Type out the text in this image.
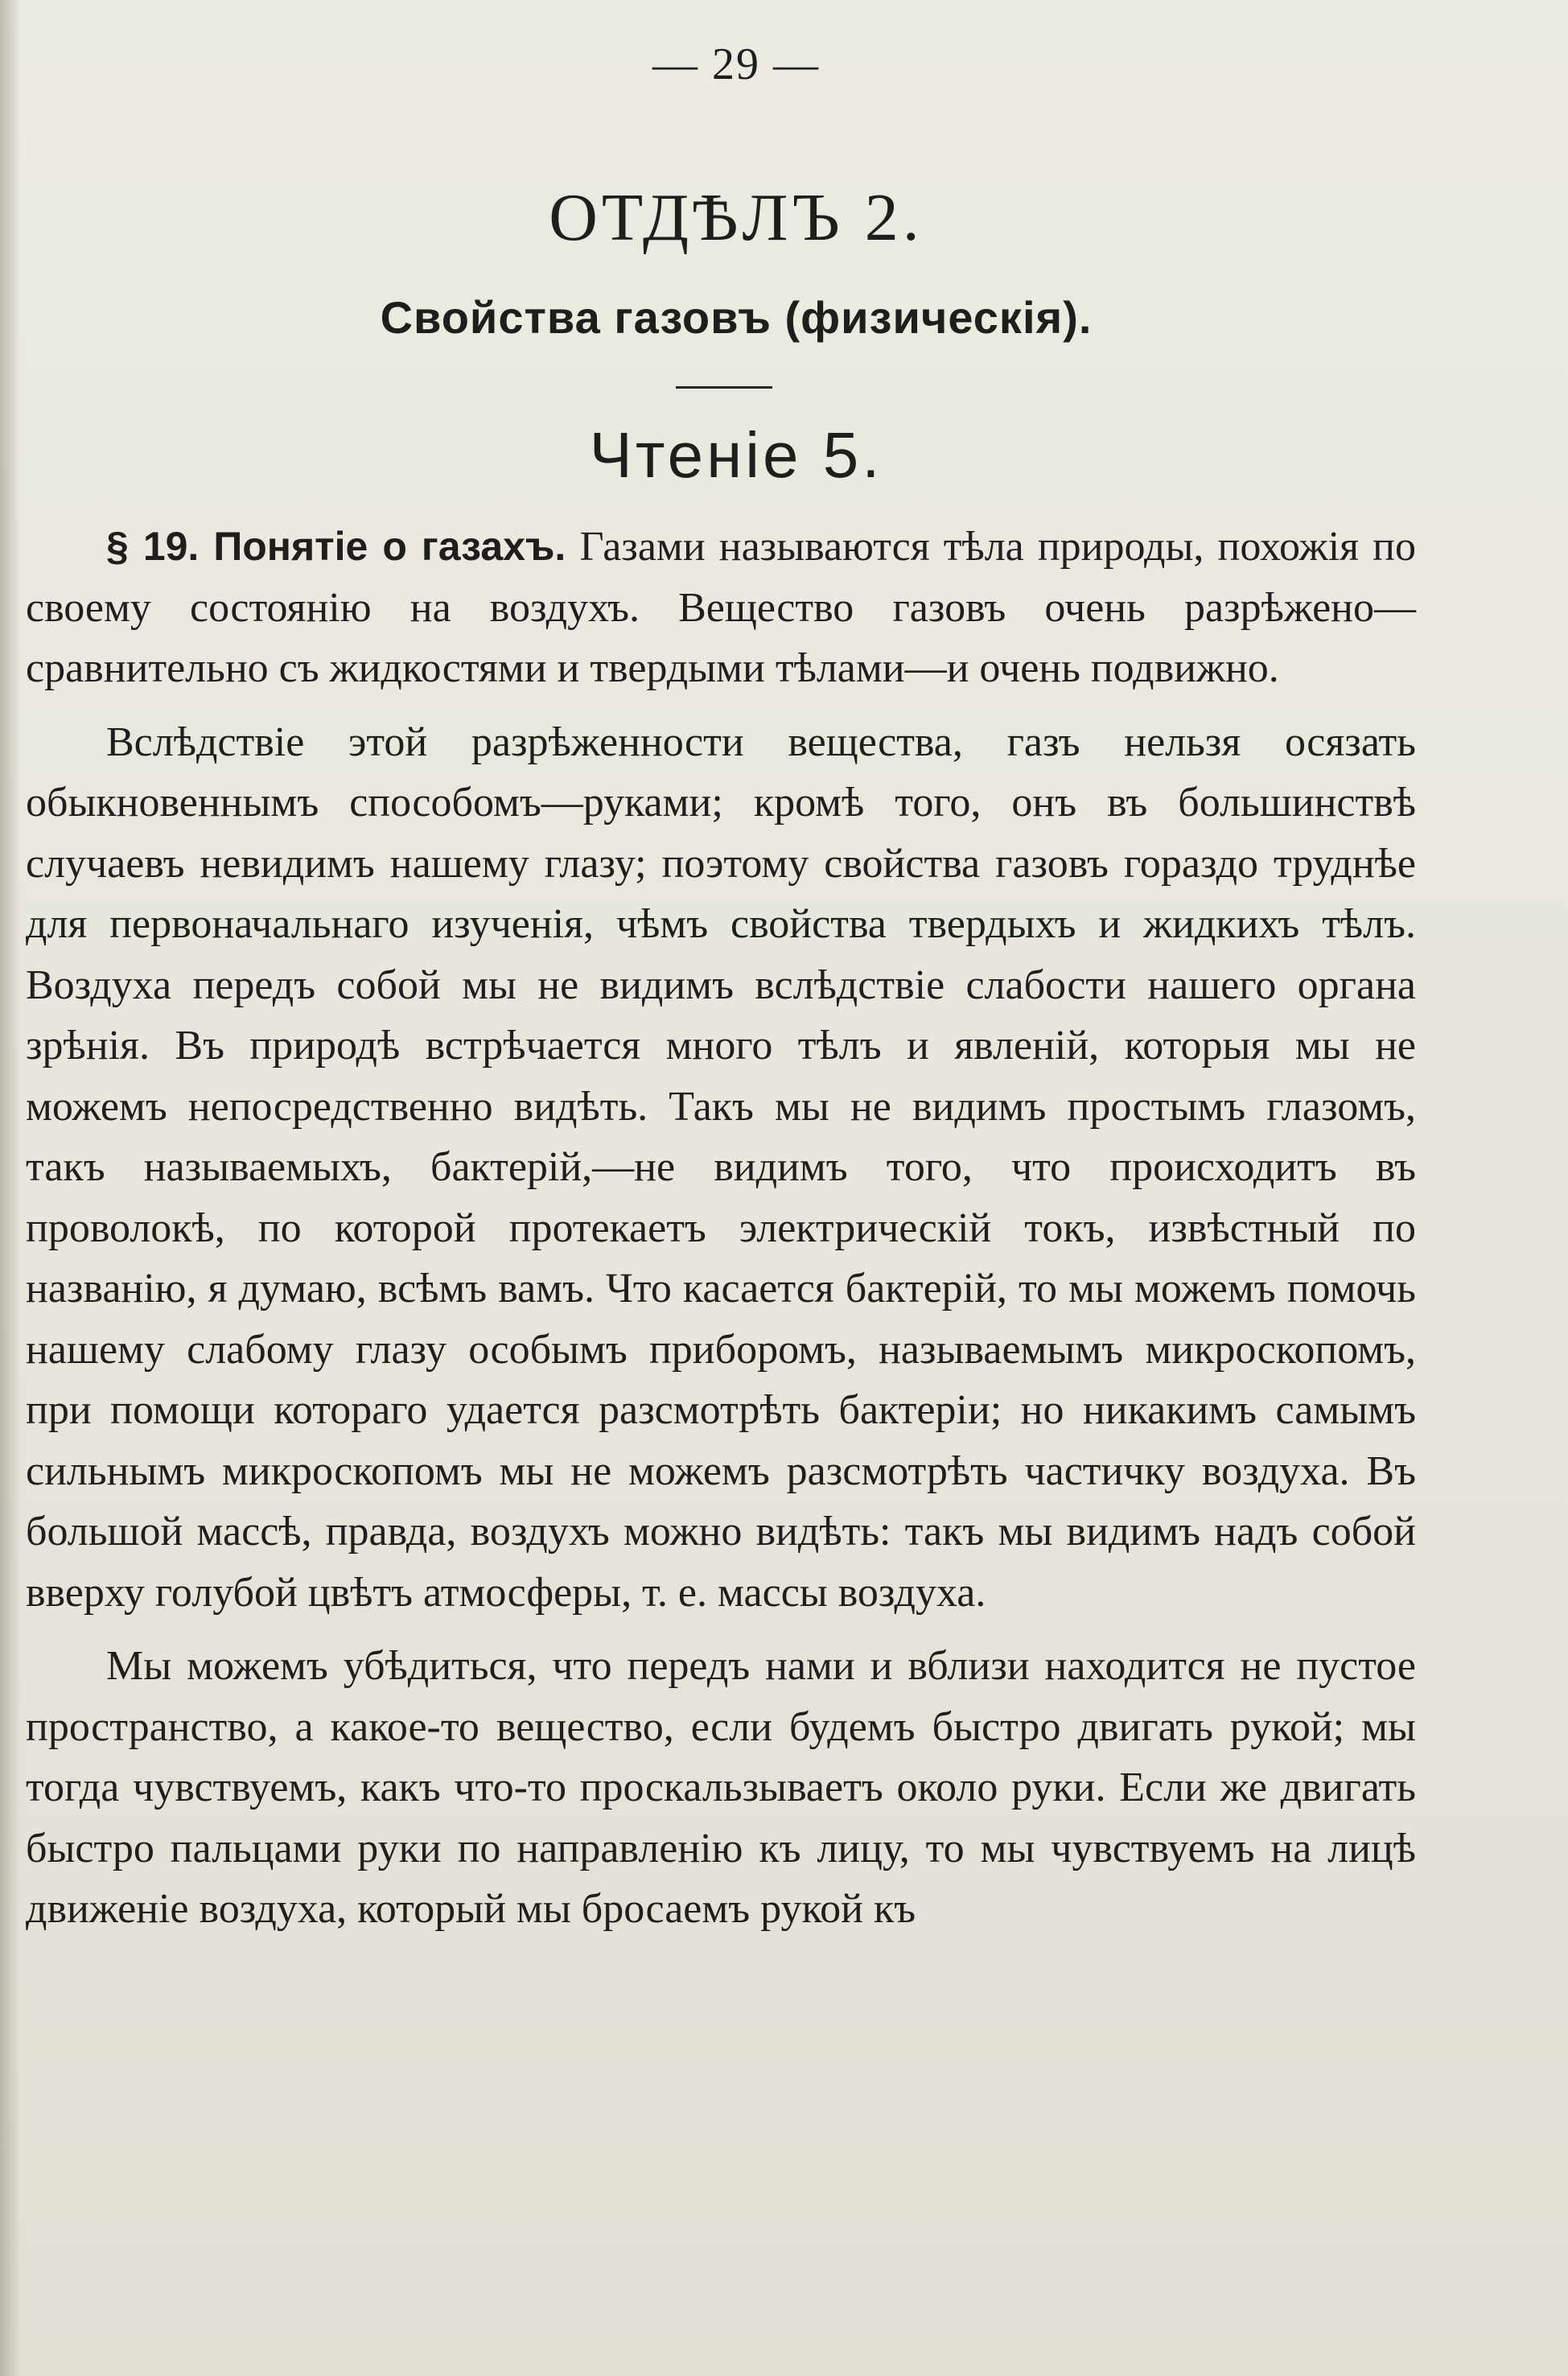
— 29 —
ОТДѢЛЪ 2.
Свойства газовъ (физическія).
Чтеніе 5.

§ 19. Понятіе о газахъ. Газами называются тѣла природы, похожія по своему состоянію на воздухъ. Вещество газовъ очень разрѣжено—сравнительно съ жидкостями и твердыми тѣлами—и очень подвижно.

Вслѣдствіе этой разрѣженности вещества, газъ нельзя осязать обыкновеннымъ способомъ—руками; кромѣ того, онъ въ большинствѣ случаевъ невидимъ нашему глазу; поэтому свойства газовъ гораздо труднѣе для первоначальнаго изученія, чѣмъ свойства твердыхъ и жидкихъ тѣлъ. Воздуха передъ собой мы не видимъ вслѣдствіе слабости нашего органа зрѣнія. Въ природѣ встрѣчается много тѣлъ и явленій, которыя мы не можемъ непосредственно видѣть. Такъ мы не видимъ простымъ глазомъ, такъ называемыхъ, бактерій,—не видимъ того, что происходитъ въ проволокѣ, по которой протекаетъ электрическій токъ, извѣстный по названію, я думаю, всѣмъ вамъ. Что касается бактерій, то мы можемъ помочь нашему слабому глазу особымъ приборомъ, называемымъ микроскопомъ, при помощи котораго удается разсмотрѣть бактеріи; но никакимъ самымъ сильнымъ микроскопомъ мы не можемъ разсмотрѣть частичку воздуха. Въ большой массѣ, правда, воздухъ можно видѣть: такъ мы видимъ надъ собой вверху голубой цвѣтъ атмосферы, т. е. массы воздуха.

Мы можемъ убѣдиться, что передъ нами и вблизи находится не пустое пространство, а какое-то вещество, если будемъ быстро двигать рукой; мы тогда чувствуемъ, какъ что-то проскальзываетъ около руки. Если же двигать быстро пальцами руки по направленію къ лицу, то мы чувствуемъ на лицѣ движеніе воздуха, который мы бросаемъ рукой къ
